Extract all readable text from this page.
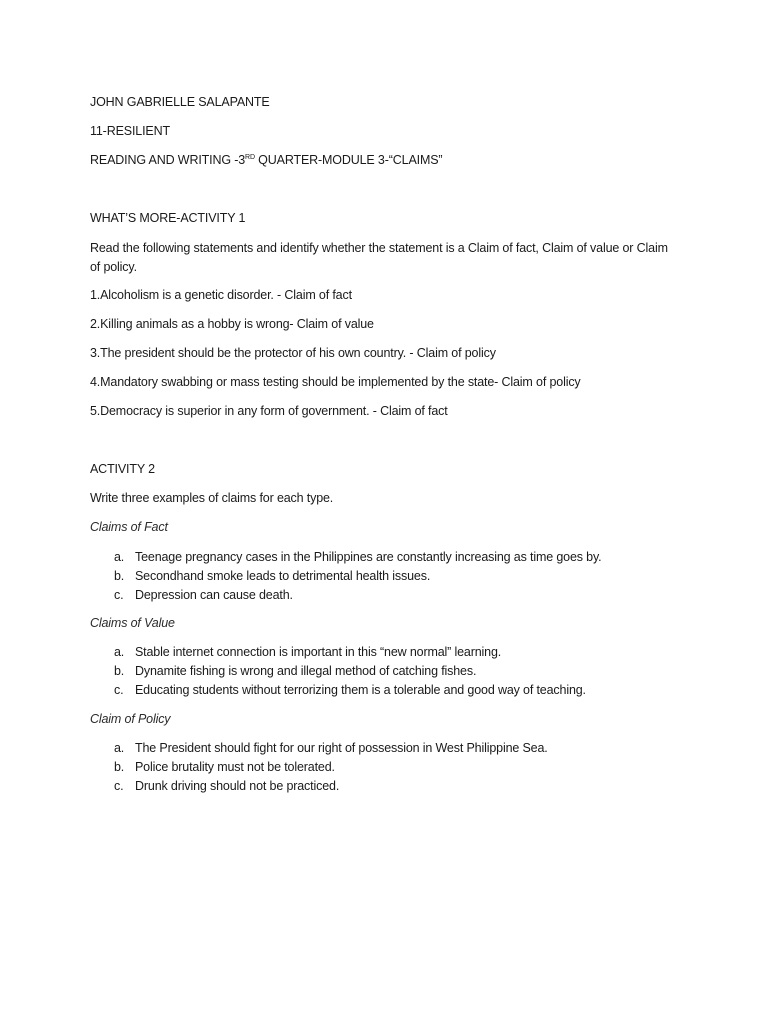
JOHN GABRIELLE SALAPANTE
11-RESILIENT
READING AND WRITING -3RD QUARTER-MODULE 3-“CLAIMS”
WHAT’S MORE-ACTIVITY 1
Read the following statements and identify whether the statement is a Claim of fact, Claim of value or Claim of policy.
1.Alcoholism is a genetic disorder. - Claim of fact
2.Killing animals as a hobby is wrong- Claim of value
3.The president should be the protector of his own country. - Claim of policy
4.Mandatory swabbing or mass testing should be implemented by the state- Claim of policy
5.Democracy is superior in any form of government. - Claim of fact
ACTIVITY 2
Write three examples of claims for each type.
Claims of Fact
a. Teenage pregnancy cases in the Philippines are constantly increasing as time goes by.
b. Secondhand smoke leads to detrimental health issues.
c. Depression can cause death.
Claims of Value
a. Stable internet connection is important in this “new normal” learning.
b. Dynamite fishing is wrong and illegal method of catching fishes.
c. Educating students without terrorizing them is a tolerable and good way of teaching.
Claim of Policy
a. The President should fight for our right of possession in West Philippine Sea.
b. Police brutality must not be tolerated.
c. Drunk driving should not be practiced.
